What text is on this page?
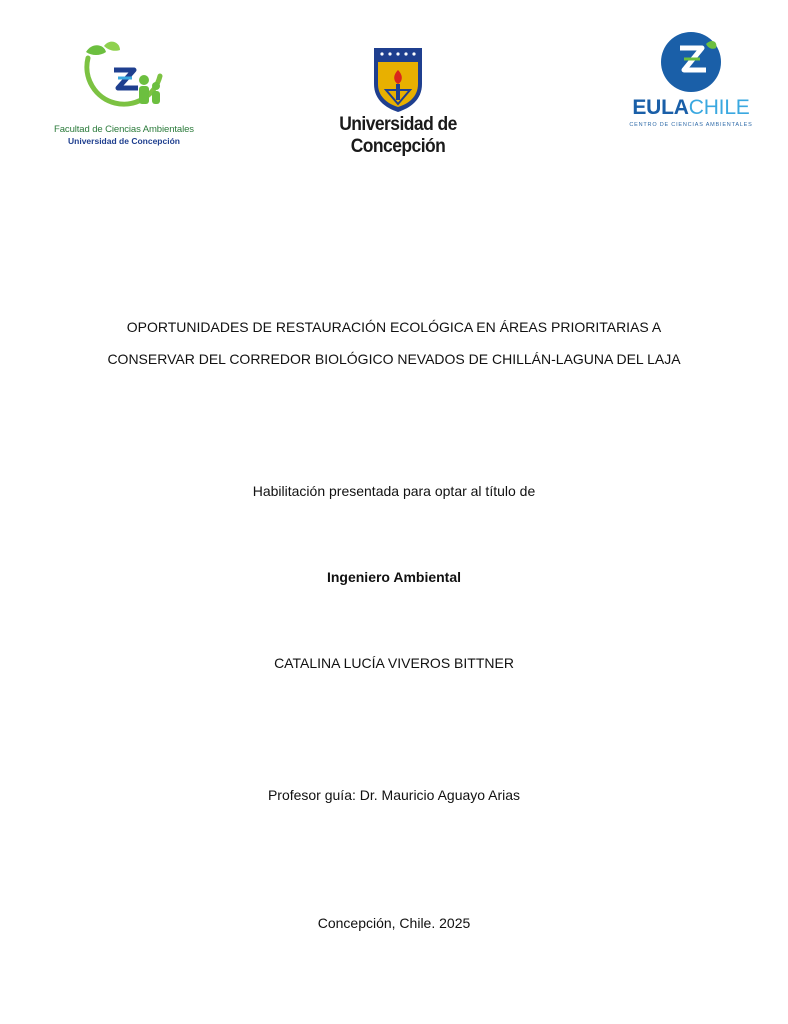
Facultad de Ciencias Ambientales
Universidad de Concepción
Universidad de Concepción
EULACHILE
CENTRO DE CIENCIAS AMBIENTALES
OPORTUNIDADES DE RESTAURACIÓN ECOLÓGICA EN ÁREAS PRIORITARIAS A
CONSERVAR DEL CORREDOR BIOLÓGICO NEVADOS DE CHILLÁN-LAGUNA DEL LAJA
Habilitación presentada para optar al título de
Ingeniero Ambiental
CATALINA LUCÍA VIVEROS BITTNER
Profesor guía: Dr. Mauricio Aguayo Arias
Concepción, Chile. 2025
